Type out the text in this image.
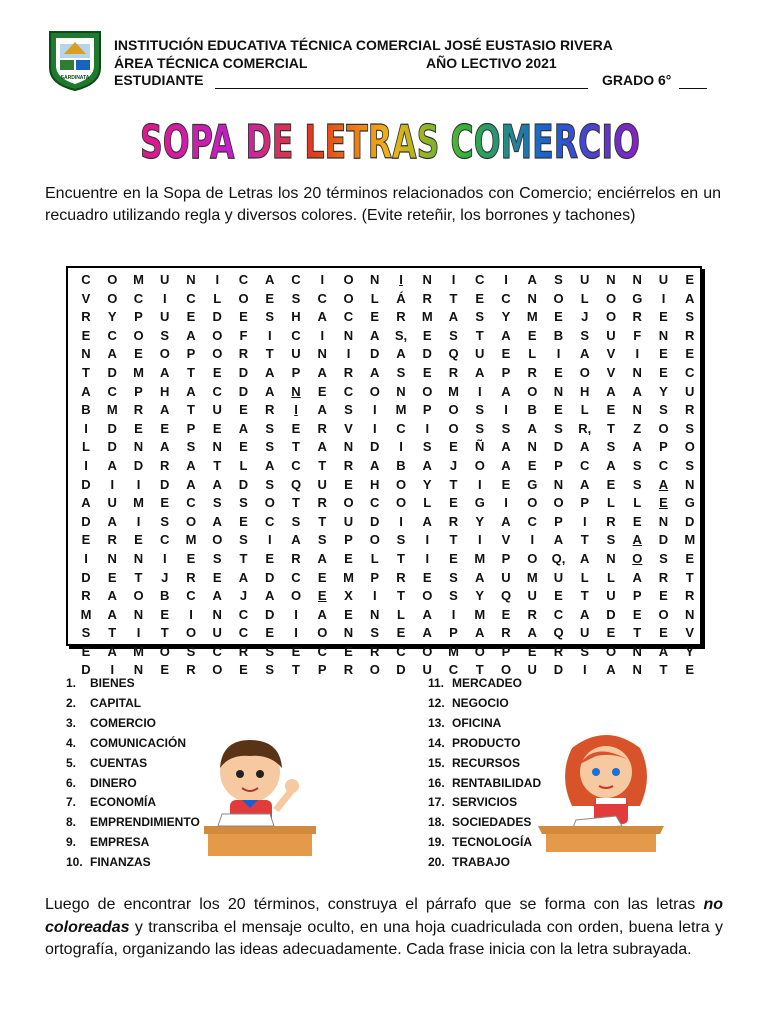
SARDINATA
INSTITUCIÓN EDUCATIVA TÉCNICA COMERCIAL JOSÉ EUSTASIO RIVERA
ÁREA TÉCNICA COMERCIAL	AÑO LECTIVO 2021
ESTUDIANTE	GRADO 6°
SOPA DE LETRAS COMERCIO
Encuentre en la Sopa de Letras los 20 términos relacionados con Comercio; enciérrelos en un recuadro utilizando regla y diversos colores. (Evite reteñir, los borrones y tachones)
C	O	M	U	N	I	C	A	C	I	O	N	I	N	I	C	I	A	S	U	N	N	U	E
V	O	C	I	C	L	O	E	S	C	O	L	Á	R	T	E	C	N	O	L	O	G	I	A
R	Y	P	U	E	D	E	S	H	A	C	E	R	M	A	S	Y	M	E	J	O	R	E	S
E	C	O	S	A	O	F	I	C	I	N	A	S,	E	S	T	A	E	B	S	U	F	N	R
N	A	E	O	P	O	R	T	U	N	I	D	A	D	Q	U	E	L	I	A	V	I	E	E
T	D	M	A	T	E	D	A	P	A	R	A	S	E	R	A	P	R	E	O	V	N	E	C
A	C	P	H	A	C	D	A	N	E	C	O	N	O	M	I	A	O	N	H	A	A	Y	U
B	M	R	A	T	U	E	R	I	A	S	I	M	P	O	S	I	B	E	L	E	N	S	R
I	D	E	E	P	E	A	S	E	R	V	I	C	I	O	S	S	A	S	R,	T	Z	O	S
L	D	N	A	S	N	E	S	T	A	N	D	I	S	E	Ñ	A	N	D	A	S	A	P	O
I	A	D	R	A	T	L	A	C	T	R	A	B	A	J	O	A	E	P	C	A	S	C	S
D	I	I	D	A	A	D	S	Q	U	E	H	O	Y	T	I	E	G	N	A	E	S	A	N
A	U	M	E	C	S	S	O	T	R	O	C	O	L	E	G	I	O	O	P	L	L	E	G
D	A	I	S	O	A	E	C	S	T	U	D	I	A	R	Y	A	C	P	I	R	E	N	D
E	R	E	C	M	O	S	I	A	S	P	O	S	I	T	I	V	I	A	T	S	A	D	M
I	N	N	I	E	S	T	E	R	A	E	L	T	I	E	M	P	O	Q,	A	N	O	S	E
D	E	T	J	R	E	A	D	C	E	M	P	R	E	S	A	U	M	U	L	L	A	R	T
R	A	O	B	C	A	J	A	O	E	X	I	T	O	S	Y	Q	U	E	T	U	P	E	R
M	A	N	E	I	N	C	D	I	A	E	N	L	A	I	M	E	R	C	A	D	E	O	N
S	T	I	T	O	U	C	E	I	O	N	S	E	A	P	A	R	A	Q	U	E	T	E	V
E	A	M	O	S	C	R	S	E	C	E	R	C	O	M	O	P	E	R	S	O	N	A	Y
D	I	N	E	R	O	E	S	T	P	R	O	D	U	C	T	O	U	D	I	A	N	T	E
1. BIENES
2. CAPITAL
3. COMERCIO
4. COMUNICACIÓN
5. CUENTAS
6. DINERO
7. ECONOMÍA
8. EMPRENDIMIENTO
9. EMPRESA
10. FINANZAS
11. MERCADEO
12. NEGOCIO
13. OFICINA
14. PRODUCTO
15. RECURSOS
16. RENTABILIDAD
17. SERVICIOS
18. SOCIEDADES
19. TECNOLOGÍA
20. TRABAJO
Luego de encontrar los 20 términos, construya el párrafo que se forma con las letras no coloreadas y transcriba el mensaje oculto, en una hoja cuadriculada con orden, buena letra y ortografía, organizando las ideas adecuadamente. Cada frase inicia con la letra subrayada.
